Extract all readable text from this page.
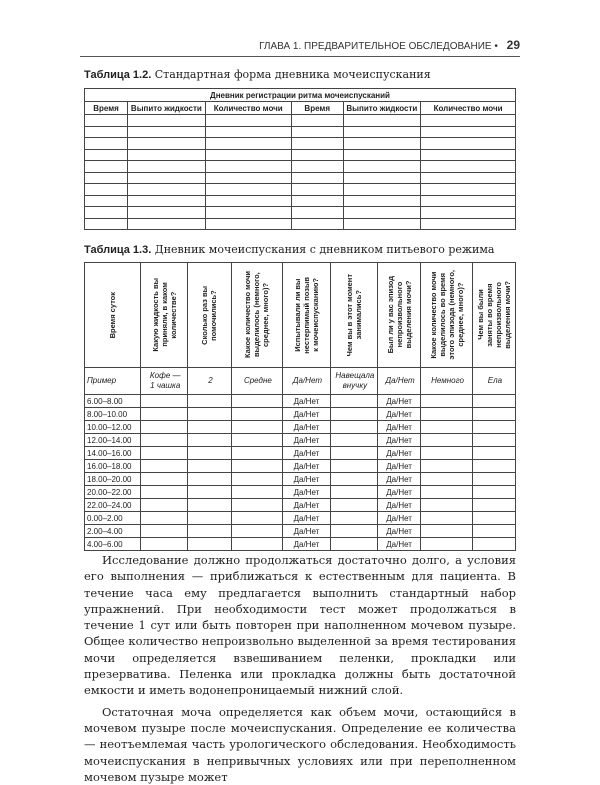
ГЛАВА 1. ПРЕДВАРИТЕЛЬНОЕ ОБСЛЕДОВАНИЕ • 29
Таблица 1.2. Стандартная форма дневника мочеиспускания
Дневник регистрации ритма мочеиспусканий					
Время	Выпито жидкости	Количество мочи	Время	Выпито жидкости	Количество мочи

Таблица 1.3. Дневник мочеиспускания с дневником питьевого режима
Время суток	Какую жидкость вы
приняли, в каком
количестве?	Сколько раз вы
помочились?	Какое количество мочи
выделилось (немного,
среднее, много)?	Испытывали ли вы
нестерпимый позыв
к мочеиспусканию?	Чем вы в этот момент
занимались?	Был ли у вас эпизод
непроизвольного
выделения мочи?	Какое количество мочи
выделилось во время
этого эпизода (немного,
среднее, много)?	Чем вы были
заняты во время
непроизвольного
выделения мочи?

Пример	Кофе —
1 чашка	2	Средне	Да/Нет	Навещала
внучку	Да/Нет	Немного	Ела
6.00–8.00				Да/Нет		Да/Нет		
8.00–10.00				Да/Нет		Да/Нет		
10.00–12.00				Да/Нет		Да/Нет		
12.00–14.00				Да/Нет		Да/Нет		
14.00–16.00				Да/Нет		Да/Нет		
16.00–18.00				Да/Нет		Да/Нет		
18.00–20.00				Да/Нет		Да/Нет		
20.00–22.00				Да/Нет		Да/Нет		
22.00–24.00				Да/Нет		Да/Нет		
0.00–2.00				Да/Нет		Да/Нет		
2.00–4.00				Да/Нет		Да/Нет		
4.00–6.00				Да/Нет		Да/Нет		

Исследование должно продолжаться достаточно долго, а условия его выполнения — приближаться к естественным для пациента. В течение часа ему предлагается выполнить стандартный набор упражнений. При необходимости тест может продолжаться в течение 1 сут или быть повторен при наполненном мочевом пузыре. Общее количество непроизвольно выделенной за время тестирования мочи определяется взвешиванием пеленки, прокладки или презерватива. Пеленка или прокладка должны быть достаточной емкости и иметь водонепроницаемый нижний слой.

Остаточная моча определяется как объем мочи, остающийся в мочевом пузыре после мочеиспускания. Определение ее количества — неотъемлемая часть урологического обследования. Необходимость мочеиспускания в непривычных условиях или при переполненном мочевом пузыре может
